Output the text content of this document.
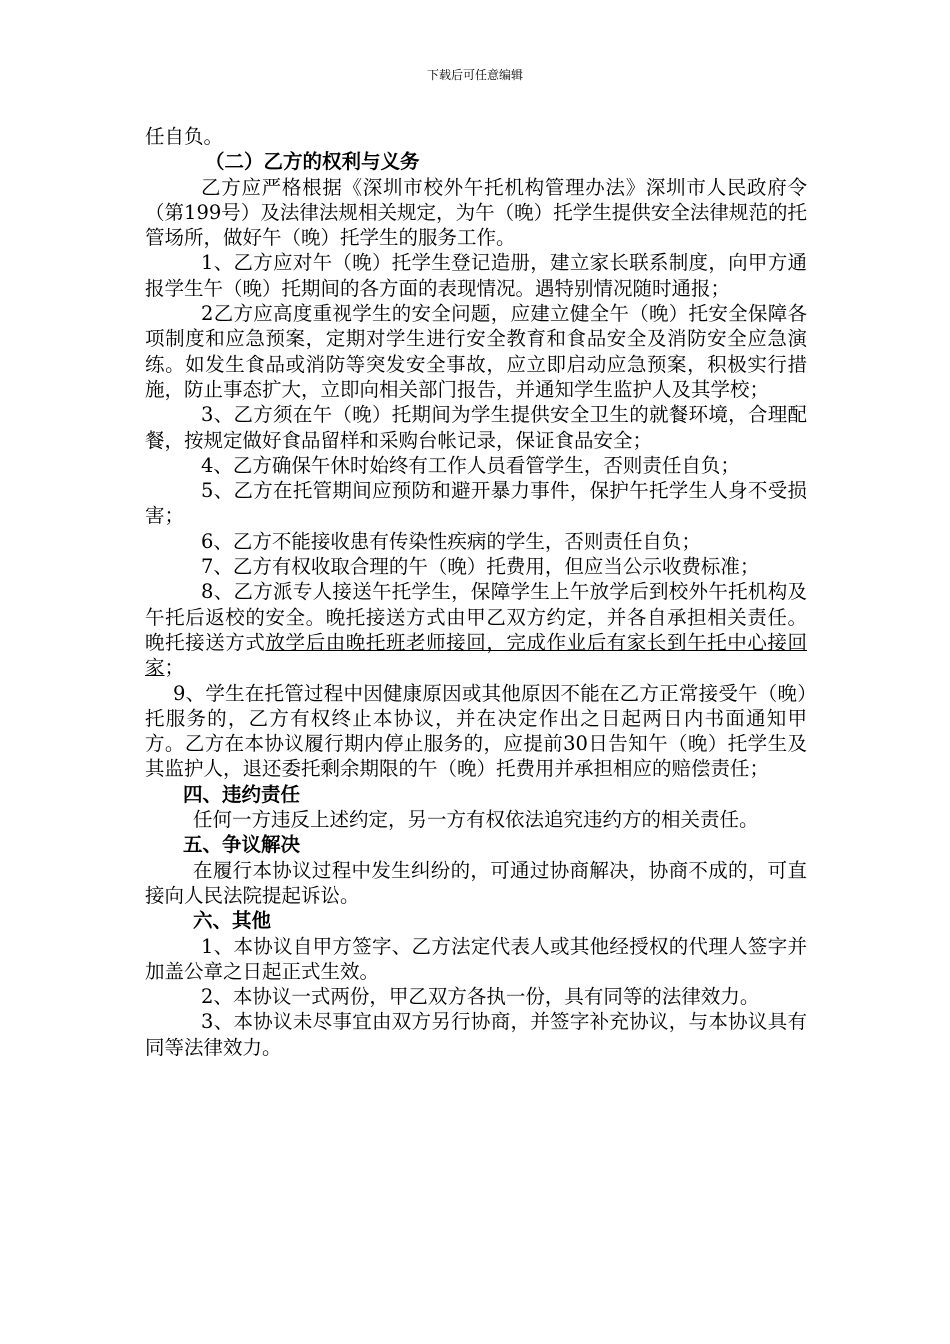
下载后可任意编辑

任自负。

（二）乙方的权利与义务

乙方应严格根据《深圳市校外午托机构管理办法》深圳市人民政府令（第199号）及法律法规相关规定，为午（晚）托学生提供安全法律规范的托管场所，做好午（晚）托学生的服务工作。

1、乙方应对午（晚）托学生登记造册，建立家长联系制度，向甲方通报学生午（晚）托期间的各方面的表现情况。遇特别情况随时通报；

2乙方应高度重视学生的安全问题，应建立健全午（晚）托安全保障各项制度和应急预案，定期对学生进行安全教育和食品安全及消防安全应急演练。如发生食品或消防等突发安全事故，应立即启动应急预案，积极实行措施，防止事态扩大，立即向相关部门报告，并通知学生监护人及其学校；

3、乙方须在午（晚）托期间为学生提供安全卫生的就餐环境，合理配餐，按规定做好食品留样和采购台帐记录，保证食品安全；

4、乙方确保午休时始终有工作人员看管学生，否则责任自负；

5、乙方在托管期间应预防和避开暴力事件，保护午托学生人身不受损害；

6、乙方不能接收患有传染性疾病的学生，否则责任自负；

7、乙方有权收取合理的午（晚）托费用，但应当公示收费标准；

8、乙方派专人接送午托学生，保障学生上午放学后到校外午托机构及午托后返校的安全。晚托接送方式由甲乙双方约定，并各自承担相关责任。晚托接送方式放学后由晚托班老师接回，完成作业后有家长到午托中心接回家；

9、学生在托管过程中因健康原因或其他原因不能在乙方正常接受午（晚）托服务的，乙方有权终止本协议，并在决定作出之日起两日内书面通知甲方。乙方在本协议履行期内停止服务的，应提前30日告知午（晚）托学生及其监护人，退还委托剩余期限的午（晚）托费用并承担相应的赔偿责任；

四、违约责任

任何一方违反上述约定，另一方有权依法追究违约方的相关责任。

五、争议解决

在履行本协议过程中发生纠纷的，可通过协商解决，协商不成的，可直接向人民法院提起诉讼。

六、其他

1、本协议自甲方签字、乙方法定代表人或其他经授权的代理人签字并加盖公章之日起正式生效。

2、本协议一式两份，甲乙双方各执一份，具有同等的法律效力。

3、本协议未尽事宜由双方另行协商，并签字补充协议，与本协议具有同等法律效力。
